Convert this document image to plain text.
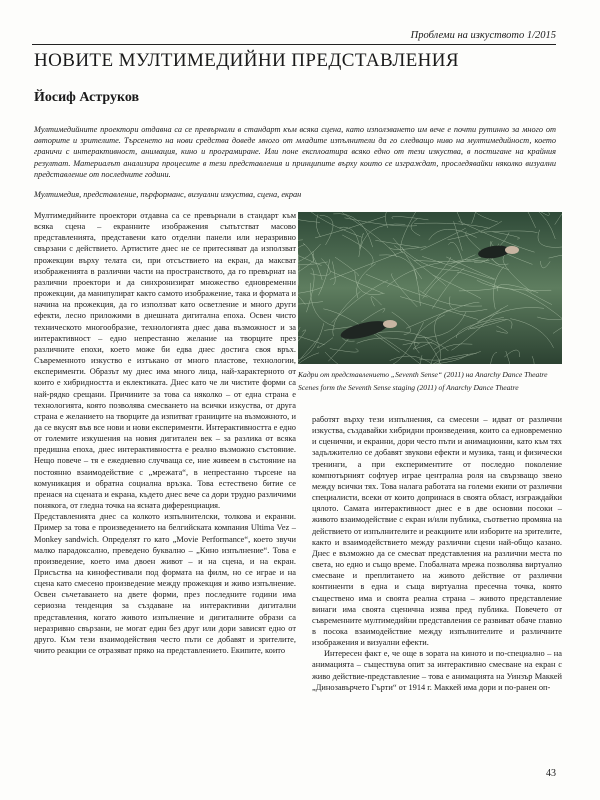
Проблеми на изкуството 1/2015
НОВИТЕ МУЛТИМЕДИЙНИ ПРЕДСТАВЛЕНИЯ
Йосиф Аструков
Мултимедийните проектори отдавна са се превърнали в стандарт към всяка сцена, като използването им вече е почти рутинно за много от авторите и зрителите. Търсенето на нови средства доведе много от младите изпълнители да го следващо ниво на мултимедийност, което граничи с интерактивност, анимация, кино и програмиране. Или поне експлоатира всяко едно от тези изкуства, в постигане на крайния резултат. Материалът анализира процесите в тези представления и принципите върху които се изграждат, проследявайки няколко визуални представление от последните години.
Мултимедия, представление, пърформанс, визуални изкуства, сцена, екран

Мултимедийните проектори отдавна са се превърнали в стандарт към всяка сцена – екранните изображения съпътстват масово представленията, представени като отделни панели или неразривно свързани с действието. Артистите днес не се притесняват да използват прожекции върху телата си, при отсъствието на екран, да максват изображенията в различни части на пространството, да го превърнат на различни проектори и да синхронизират множество едновременни прожекции, да манипулират както самото изображение, така и формата и начина на прожекция, да го използват като осветление и много други ефекти, лесно приложими в днешната дигитална епоха. Освен чисто техническото многообразие, технологията днес дава възможност и за интерактивност – едно непрестанно желание на творците през различните епохи, което може би едва днес достига своя връх. Съвременното изкуство е изтъкано от много пластове, технологии, експерименти. Образът му днес има много лица, най-характерното от които е хибридността и еклектиката. Днес като че ли чистите форми са най-рядко срещани. Причините за това са няколко – от една страна е технологията, която позволява смесването на всички изкуства, от друга страна е желанието на творците да изпитват границите на възможното, и да се вкусят във все нови и нови експерименти. Интерактивността е едно от големите изкушения на новия дигитален век – за разлика от всяка предишна епоха, днес интерактивността е реално възможно състояние. Нещо повече – тя е ежедневно случваща се, ние живеем в състояние на постоянно взаимодействие с „мрежата“, в непрестанно търсене на комуникация и обратна социална връзка. Това естествено битие се пренася на сцената и екрана, където днес вече са дори трудно различими понякога, от гледна точка на ясната диференциация.

Представленията днес са колкото изпълнителски, толкова и екранни. Пример за това е произведението на белгийската компания Ultima Vez – Monkey sandwich. Определят го като „Movie Performance“, което звучи малко парадоксално, преведено буквално – „Кино изпълнение“. Това е произведение, което има двоен живот – и на сцена, и на екран. Присъства на кинофестивали под формата на филм, но се играе и на сцена като смесено произведение между прожекция и живо изпълнение. Освен съчетаването на двете форми, през последните години има сериозна тенденция за създаване на интерактивни дигитални представления, когато живото изпълнение и дигиталните образи са неразривно свързани, не могат един без друг или дори зависят едно от друго. Към тези взаимодействия често пъти се добавят и зрителите, чиито реакции се отразяват пряко на представлението. Екипите, които

Кадри от представлението „Seventh Sense“ (2011) на Anarchy Dance Theatre
Scenes form the Seventh Sense staging (2011) of Anarchy Dance Theatre

работят върху тези изпълнения, са смесени – идват от различни изкуства, създавайки хибридни произведения, които са едновременно и сценични, и екранни, дори често пъти и анимационни, като към тях задължително се добавят звукови ефекти и музика, танц и физически тренинги, а при експериментите от последно поколение компютърният софтуер играе централна роля на свързващо звено между всички тях. Това налага работата на големи екипи от различни специалисти, всеки от които допринася в своята област, изграждайки цялото. Самата интерактивност днес е в две основни посоки – живото взаимодействие с екран и/или публика, съответно промяна на действието от изпълнителите и реакциите или изборите на зрителите, както и взаимодействието между различни сцени най-общо казано. Днес е възможно да се смесват представления на различни места по света, но едно и също време. Глобалната мрежа позволява виртуално смесване и преплитането на живото действие от различни континенти в една и съща виртуална пресечна точка, която съществено има и своята реална страна – живото представление винаги има своята сценична изява пред публика. Повечето от съвременните мултимедийни представления се развиват обаче главно в посока взаимодействие между изпълнителите и различните изображения и визуални ефекти.

Интересен факт е, че още в зората на киното и по-специално – на анимацията – съществува опит за интерактивно смесване на екран с живо действие-представление – това е анимацията на Уинзър Маккей „Динозавърчето Гърти“ от 1914 г. Маккей има дори и по-ранен оп-

43
